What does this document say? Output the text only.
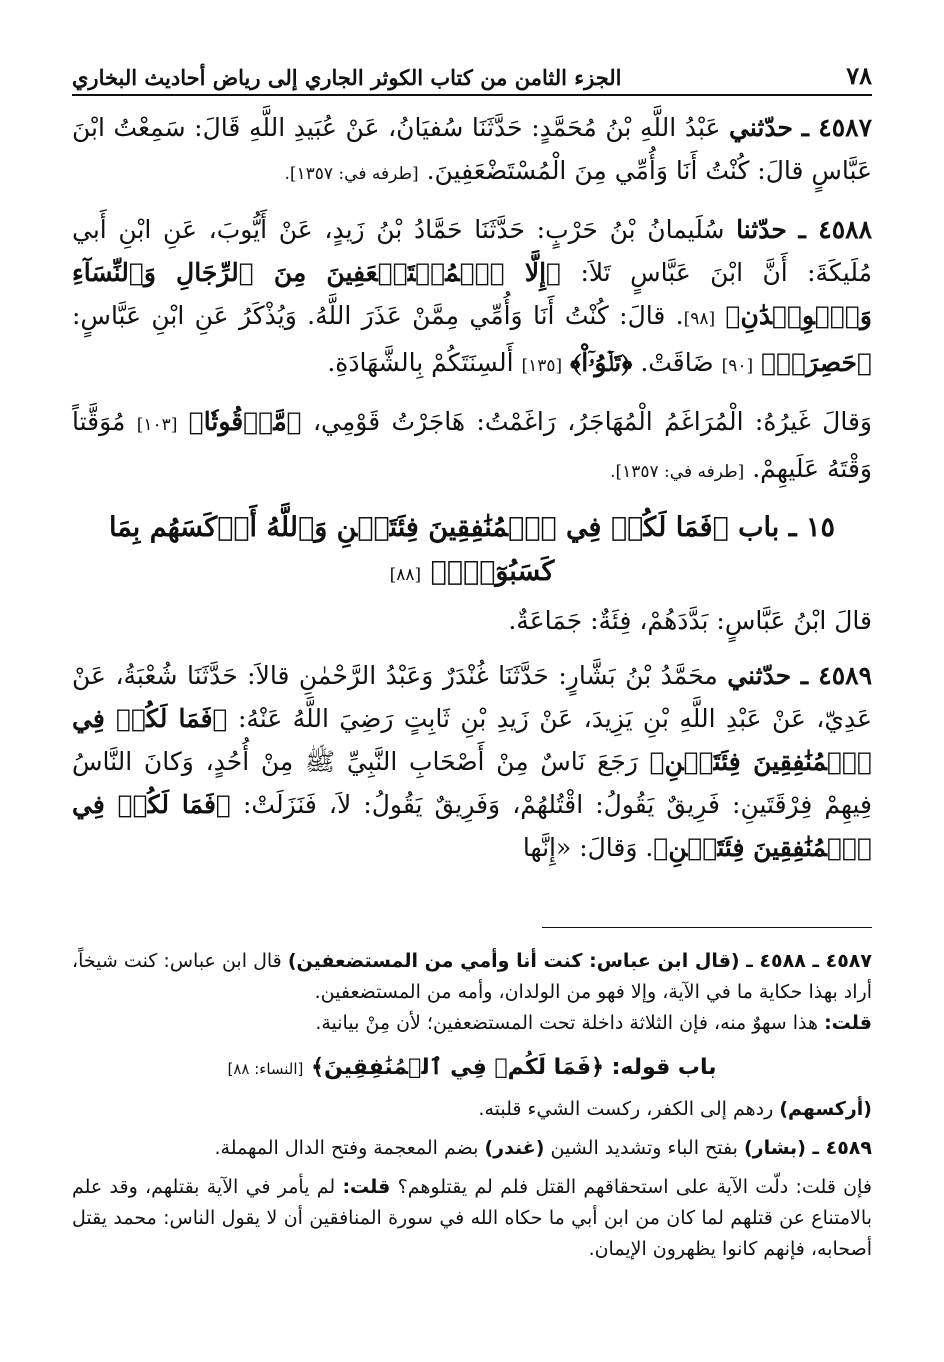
٧٨
الجزء الثامن من كتاب الكوثر الجاري إلى رياض أحاديث البخاري

٤٥٨٧ ـ حدّثني عَبْدُ اللَّهِ بْنُ مُحَمَّدٍ: حَدَّثَنَا سُفيَانُ، عَنْ عُبَيدِ اللَّهِ قَالَ: سَمِعْتُ ابْنَ عَبَّاسٍ قالَ: كُنْتُ أَنَا وَأُمِّي مِنَ الْمُسْتَضْعَفِينَ. [طرفه في: ١٣٥٧].

٤٥٨٨ ـ حدّثنا سُلَيمانُ بْنُ حَرْبٍ: حَدَّثَنَا حَمَّادُ بْنُ زَيدٍ، عَنْ أَيُّوبَ، عَنِ ابْنِ أَبي مُلَيكَةَ: أَنَّ ابْنَ عَبَّاسٍ تَلاَ: ﴿إِلَّا ٱلۡمُسۡتَضۡعَفِينَ مِنَ ٱلرِّجَالِ وَٱلنِّسَآءِ وَٱلۡوِلۡدَٰنِ﴾ [٩٨]. قالَ: كُنْتُ أَنَا وَأُمِّي مِمَّنْ عَذَرَ اللَّهُ. وَيُذْكَرُ عَنِ ابْنِ عَبَّاسٍ: ﴿حَصِرَتۡ﴾ [٩٠] ضَاقَتْ. ﴿تَلۡوُۥٓاْ﴾ [١٣٥] أَلسِنَتَكُمْ بِالشَّهَادَةِ.

وَقالَ غَيرُهُ: الْمُرَاغَمُ الْمُهَاجَرُ، رَاغَمْتُ: هَاجَرْتُ قَوْمِي، ﴿مَّوۡقُوتٗا﴾ [١٠٣] مُوَقَّتاً وَقْتَهُ عَلَيهِمْ. [طرفه في: ١٣٥٧].

١٥ ـ باب ﴿فَمَا لَكُمۡ فِي ٱلۡمُنَٰفِقِينَ فِئَتَيۡنِ وَٱللَّهُ أَرۡكَسَهُم بِمَا كَسَبُوٓاْۚ﴾ [٨٨]

قالَ ابْنُ عَبَّاسٍ: بَدَّدَهُمْ، فِئَةٌ: جَمَاعَةٌ.

٤٥٨٩ ـ حدّثني محَمَّدُ بْنُ بَشَّارٍ: حَدَّثَنَا غُنْدَرٌ وَعَبْدُ الرَّحْمٰنِ قالاَ: حَدَّثَنَا شُعْبَةُ، عَنْ عَدِيّ، عَنْ عَبْدِ اللَّهِ بْنِ يَزِيدَ، عَنْ زَيدِ بْنِ ثَابِتٍ رَضِيَ اللَّهُ عَنْهُ: ﴿فَمَا لَكُمۡ فِي ٱلۡمُنَٰفِقِينَ فِئَتَيۡنِ﴾ رَجَعَ نَاسٌ مِنْ أَصْحَابِ النَّبِيِّ ﷺ مِنْ أُحُدٍ، وَكانَ النَّاسُ فِيهِمْ فِرْقَتَينِ: فَرِيقٌ يَقُولُ: اقْتُلهُمْ، وَفَرِيقٌ يَقُولُ: لاَ، فَنَزَلَتْ: ﴿فَمَا لَكُمۡ فِي ٱلۡمُنَٰفِقِينَ فِئَتَيۡنِ﴾. وَقالَ: «إِنَّها

٤٥٨٧ ـ ٤٥٨٨ ـ (قال ابن عباس: كنت أنا وأمي من المستضعفين) قال ابن عباس: كنت شيخاً، أراد بهذا حكاية ما في الآية، وإلا فهو من الولدان، وأمه من المستضعفين.
قلت: هذا سهوٌ منه، فإن الثلاثة داخلة تحت المستضعفين؛ لأن مِنْ بيانية.

باب قوله: ﴿فَمَا لَكُمۡ فِي ٱلۡمُنَٰفِقِينَ﴾ [النساء: ٨٨]

(أركسهم) ردهم إلى الكفر، ركست الشيء قلبته.

٤٥٨٩ ـ (بشار) بفتح الباء وتشديد الشين (غندر) بضم المعجمة وفتح الدال المهملة.

فإن قلت: دلّت الآية على استحقاقهم القتل فلم لم يقتلوهم؟ قلت: لم يأمر في الآية بقتلهم، وقد علم بالامتناع عن قتلهم لما كان من ابن أبي ما حكاه الله في سورة المنافقين أن لا يقول الناس: محمد يقتل أصحابه، فإنهم كانوا يظهرون الإيمان.
